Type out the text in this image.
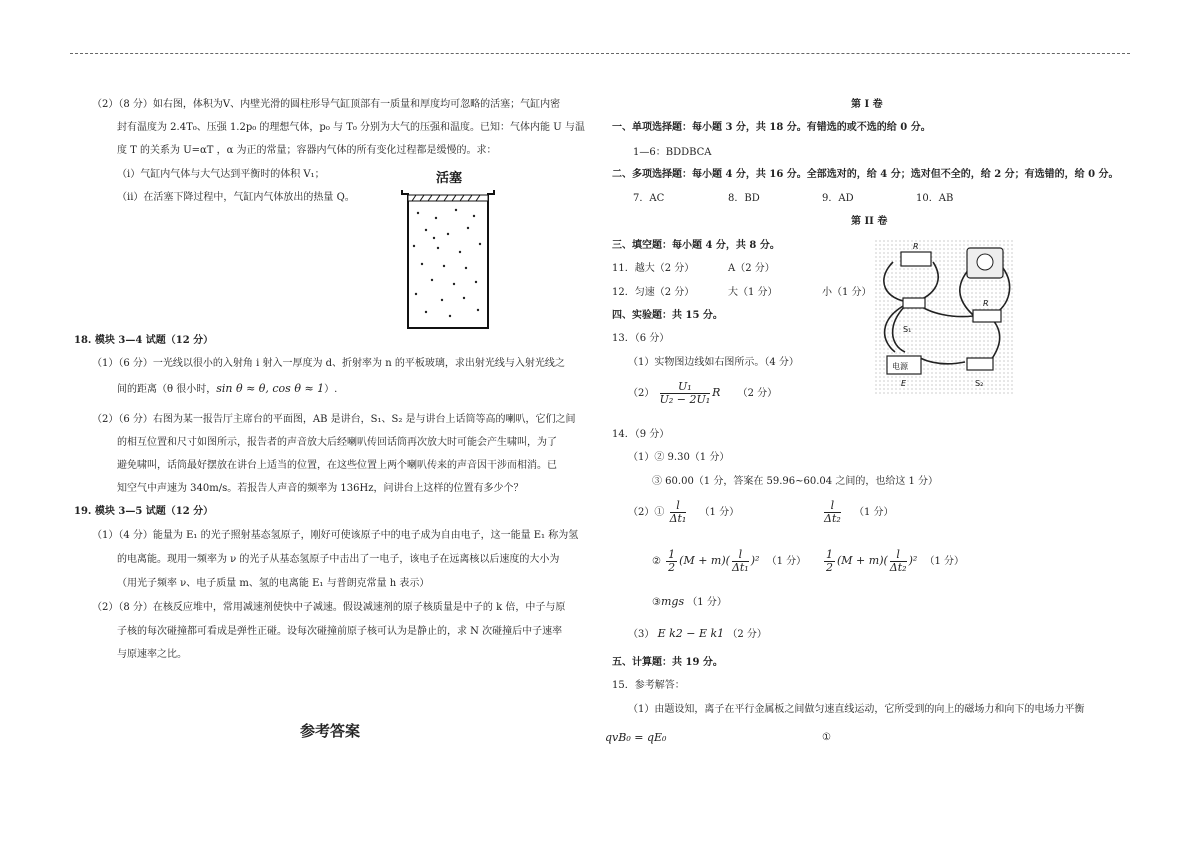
（2）（8 分）如右图，体积为V、内壁光滑的圆柱形导气缸顶部有一质量和厚度均可忽略的活塞；气缸内密
封有温度为 2.4T₀、压强 1.2p₀ 的理想气体，p₀ 与 T₀ 分别为大气的压强和温度。已知：气体内能 U 与温
度 T 的关系为 U=αT ，α 为正的常量；容器内气体的所有变化过程都是缓慢的。求：
（i）气缸内气体与大气达到平衡时的体积 V₁；
（ii）在活塞下降过程中，气缸内气体放出的热量 Q。
活塞
18. 模块 3—4 试题（12 分）
（1）（6 分）一光线以很小的入射角 i 射入一厚度为 d、折射率为 n 的平板玻璃，求出射光线与入射光线之
间的距离（θ 很小时，sin θ ≈ θ, cos θ ≈ 1）.
（2）（6 分）右图为某一报告厅主席台的平面图，AB 是讲台，S₁、S₂ 是与讲台上话筒等高的喇叭，它们之间
的相互位置和尺寸如图所示，报告者的声音放大后经喇叭传回话筒再次放大时可能会产生啸叫，为了
避免啸叫，话筒最好摆放在讲台上适当的位置，在这些位置上两个喇叭传来的声音因干涉而相消。已
知空气中声速为 340m/s。若报告人声音的频率为 136Hz，问讲台上这样的位置有多少个？
19. 模块 3—5 试题（12 分）
（1）（4 分）能量为 E₁ 的光子照射基态氢原子，刚好可使该原子中的电子成为自由电子，这一能量 E₁ 称为氢
的电离能。现用一频率为 ν 的光子从基态氢原子中击出了一电子，该电子在远离核以后速度的大小为
（用光子频率 ν、电子质量 m、氢的电离能 E₁ 与普朗克常量 h 表示）
（2）（8 分）在核反应堆中，常用减速剂使快中子减速。假设减速剂的原子核质量是中子的 k 倍，中子与原
子核的每次碰撞都可看成是弹性正碰。设每次碰撞前原子核可认为是静止的，求 N 次碰撞后中子速率
与原速率之比。
参考答案
第 I 卷
一、单项选择题：每小题 3 分，共 18 分。有错选的或不选的给 0 分。
1—6：BDDBCA
二、多项选择题：每小题 4 分，共 16 分。全部选对的，给 4 分；选对但不全的，给 2 分；有选错的，给 0 分。
7．AC	8．BD	9．AD	10．AB
第 II 卷
三、填空题：每小题 4 分，共 8 分。
11．越大（2 分）	A（2 分）
12．匀速（2 分）	大（1 分）	小（1 分）
四、实验题：共 15 分。
13．（6 分）
（1）实物图边线如右图所示。（4 分）
$(2) \frac{\text{U₁}}{\text{U₂ − 2U₁}}$ R （2 分）
R
R
S₁
电源
E	S₂
14．（9 分）
（1）② 9.30（1 分）
③ 60.00（1 分，答案在 59.96~60.04 之间的，也给这 1 分）
（2）① $\frac{l}{\text{Δt₁}} (1$ 分）	$\frac{l}{\text{Δt₂}} (1$ 分）
② $\frac{1}{2} (M + m)( \frac{l}{\text{Δt₁}} )^2$ （1 分） $\frac{1}{2} (M + m)( \frac{l}{\text{Δt₂}} )^2$ （1 分）
③mgs （1 分）
（3） E k2 − E k1 （2 分）
五、计算题：共 19 分。
15．参考解答：
（1）由题设知，离子在平行金属板之间做匀速直线运动，它所受到的向上的磁场力和向下的电场力平衡
qvB₀ = qE₀	①
